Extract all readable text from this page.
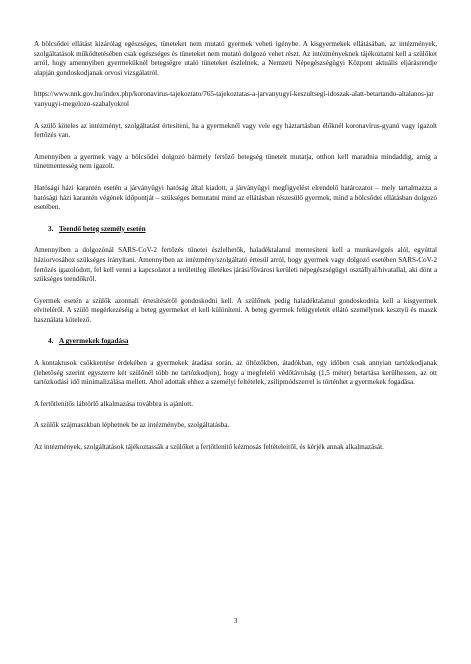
A bölcsődei ellátást kizárólag egészséges, tüneteket nem mutató gyermek veheti igénybe. A kisgyermekek ellátásában, az intézmények, szolgáltatások működtetésében csak egészséges és tüneteket nem mutató dolgozó vehet részt. Az intézményeknek tájékoztatni kell a szülőket arról, hogy amennyiben gyermeküknél betegségre utaló tüneteket észlelnek, a Nemzeti Népegészségügyi Központ aktuális eljárásrendje alapján gondoskodjanak orvosi vizsgálatról.

https://www.nnk.gov.hu/index.php/koronavirus-tajekoztato/765-tajekoztatas-a-jarvanyugyi-keszultsegi-idoszak-alatt-betartando-altalanos-jarvanyugyi-megelozo-szabalyokrol

A szülő köteles az intézményt, szolgáltatást értesíteni, ha a gyermeknél vagy vele egy háztartásban élőknél koronavírus-gyanú vagy igazolt fertőzés van.

Amennyiben a gyermek vagy a bölcsődei dolgozó bármely fertőző betegség tüneteit mutatja, otthon kell maradnia mindaddig, amíg a tünetmentesség nem igazolt.

Hatósági házi karantén esetén a járványügyi hatóság által kiadott, a járványügyi megfigyelést elrendelő határozatot – mely tartalmazza a hatósági házi karantén végének időpontját – szükséges bemutatni mind az ellátásban részesülő gyermek, mind a bölcsődei ellátásban dolgozó esetében.

3. Teendő beteg személy esetén

Amennyiben a dolgozónál SARS-CoV-2 fertőzés tünetei észlelhetők, haladéktalanul mentesíteni kell a munkavégzés alól, egyúttal háziorvosához szükséges irányítani. Amennyiben az intézmény/szolgáltató értesül arról, hogy gyermek vagy dolgozó esetében SARS-CoV-2 fertőzés igazolódott, fel kell venni a kapcsolatot a területileg illetékes járási/fővárosi kerületi népegészségügyi osztállyal/hivatallal, aki dönt a szükséges teendőkről.

Gyermek esetén a szülők azonnali értesítéséről gondoskodni kell. A szülőnek pedig haladéktalanul gondoskodnia kell a kisgyermek elviteléről. A szülő megérkezéséig a beteg gyermeket el kell különíteni. A beteg gyermek felügyeletét ellátó személynek kesztyű és maszk használata kötelező.

4. A gyermekek fogadása

A kontaktusok csökkentése érdekében a gyermekek átadása során, az öltözőkben, átadókban, egy időben csak annyian tartózkodjanak (lehetőség szerint egyszerre két szülőnél több ne tartózkodjon), hogy a megfelelő védőtávolság (1,5 méter) betartása kerülhessen, az ott tartózkodási idő minimalizálása mellett. Ahol adottak ehhez a személyi feltételek, zsilipmódszerrel is történhet a gyermekek fogadása.

A fertőtlenítős lábtörlő alkalmazása továbbra is ajánlott.

A szülők szájmaszkban léphetnek be az intézménybe, szolgáltatásba.

Az intézmények, szolgáltatások tájékoztassák a szülőket a fertőtlenítő kézmosás feltételeiről, és kérjék annak alkalmazását.

3
